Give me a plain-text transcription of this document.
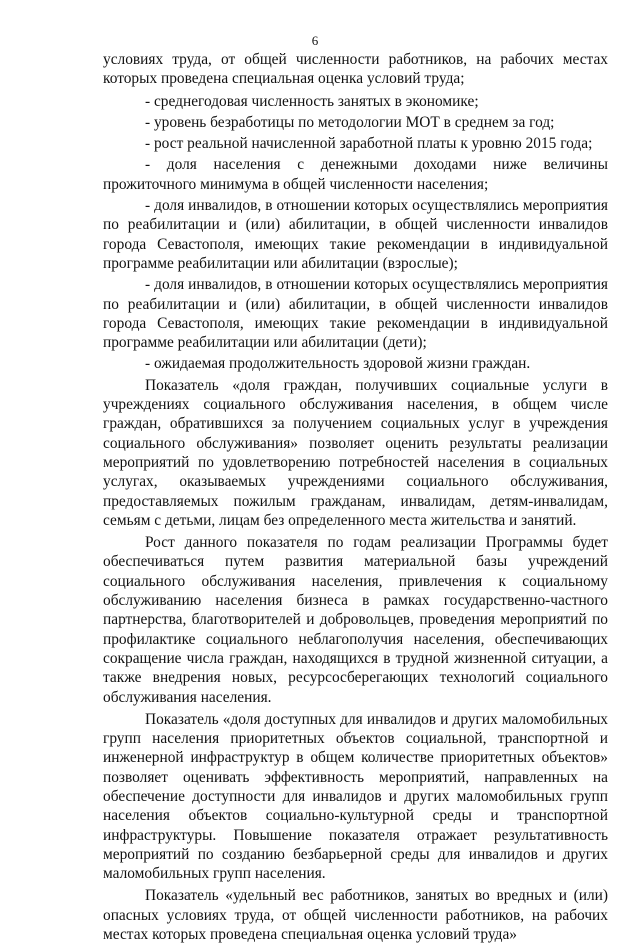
6

условиях труда, от общей численности работников, на рабочих местах которых проведена специальная оценка условий труда;

- среднегодовая численность занятых в экономике;
- уровень безработицы по методологии МОТ в среднем за год;
- рост реальной начисленной заработной платы к уровню 2015 года;
- доля населения с денежными доходами ниже величины прожиточного минимума в общей численности населения;
- доля инвалидов, в отношении которых осуществлялись мероприятия по реабилитации и (или) абилитации, в общей численности инвалидов города Севастополя, имеющих такие рекомендации в индивидуальной программе реабилитации или абилитации (взрослые);
- доля инвалидов, в отношении которых осуществлялись мероприятия по реабилитации и (или) абилитации, в общей численности инвалидов города Севастополя, имеющих такие рекомендации в индивидуальной программе реабилитации или абилитации (дети);
- ожидаемая продолжительность здоровой жизни граждан.

Показатель «доля граждан, получивших социальные услуги в учреждениях социального обслуживания населения, в общем числе граждан, обратившихся за получением социальных услуг в учреждения социального обслуживания» позволяет оценить результаты реализации мероприятий по удовлетворению потребностей населения в социальных услугах, оказываемых учреждениями социального обслуживания, предоставляемых пожилым гражданам, инвалидам, детям-инвалидам, семьям с детьми, лицам без определенного места жительства и занятий.

Рост данного показателя по годам реализации Программы будет обеспечиваться путем развития материальной базы учреждений социального обслуживания населения, привлечения к социальному обслуживанию населения бизнеса в рамках государственно-частного партнерства, благотворителей и добровольцев, проведения мероприятий по профилактике социального неблагополучия населения, обеспечивающих сокращение числа граждан, находящихся в трудной жизненной ситуации, а также внедрения новых, ресурсосберегающих технологий социального обслуживания населения.

Показатель «доля доступных для инвалидов и других маломобильных групп населения приоритетных объектов социальной, транспортной и инженерной инфраструктур в общем количестве приоритетных объектов» позволяет оценивать эффективность мероприятий, направленных на обеспечение доступности для инвалидов и других маломобильных групп населения объектов социально-культурной среды и транспортной инфраструктуры. Повышение показателя отражает результативность мероприятий по созданию безбарьерной среды для инвалидов и других маломобильных групп населения.

Показатель «удельный вес работников, занятых во вредных и (или) опасных условиях труда, от общей численности работников, на рабочих местах которых проведена специальная оценка условий труда»
